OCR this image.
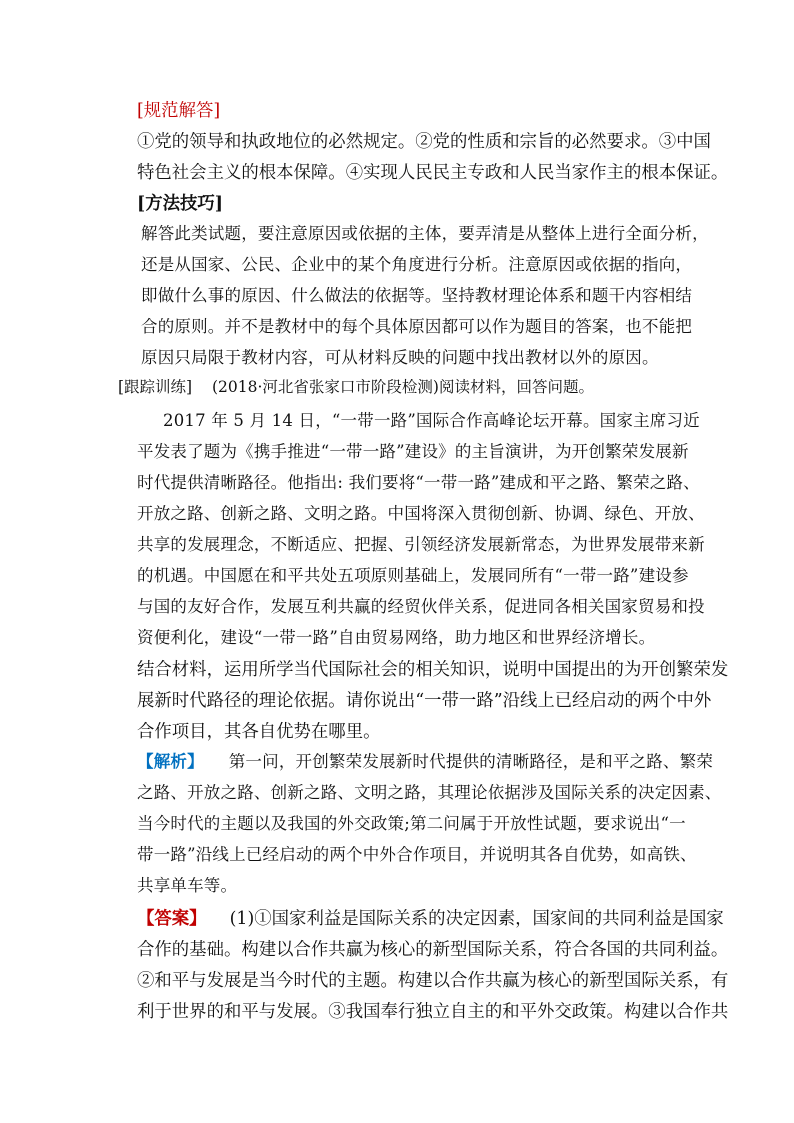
[规范解答]
①党的领导和执政地位的必然规定。②党的性质和宗旨的必然要求。③中国
特色社会主义的根本保障。④实现人民民主专政和人民当家作主的根本保证。
[方法技巧]
解答此类试题，要注意原因或依据的主体，要弄清是从整体上进行全面分析，
还是从国家、公民、企业中的某个角度进行分析。注意原因或依据的指向，
即做什么事的原因、什么做法的依据等。坚持教材理论体系和题干内容相结
合的原则。并不是教材中的每个具体原因都可以作为题目的答案，也不能把
原因只局限于教材内容，可从材料反映的问题中找出教材以外的原因。
[跟踪训练] (2018·河北省张家口市阶段检测)阅读材料，回答问题。
2017 年 5 月 14 日，“一带一路”国际合作高峰论坛开幕。国家主席习近
平发表了题为《携手推进“一带一路”建设》的主旨演讲，为开创繁荣发展新
时代提供清晰路径。他指出: 我们要将“一带一路”建成和平之路、繁荣之路、
开放之路、创新之路、文明之路。中国将深入贯彻创新、协调、绿色、开放、
共享的发展理念，不断适应、把握、引领经济发展新常态，为世界发展带来新
的机遇。中国愿在和平共处五项原则基础上，发展同所有“一带一路”建设参
与国的友好合作，发展互利共赢的经贸伙伴关系，促进同各相关国家贸易和投
资便利化，建设“一带一路”自由贸易网络，助力地区和世界经济增长。
结合材料，运用所学当代国际社会的相关知识，说明中国提出的为开创繁荣发
展新时代路径的理论依据。请你说出“一带一路”沿线上已经启动的两个中外
合作项目，其各自优势在哪里。
【解析】 第一问，开创繁荣发展新时代提供的清晰路径，是和平之路、繁荣
之路、开放之路、创新之路、文明之路，其理论依据涉及国际关系的决定因素、
当今时代的主题以及我国的外交政策;第二问属于开放性试题，要求说出“一
带一路”沿线上已经启动的两个中外合作项目，并说明其各自优势，如高铁、
共享单车等。
【答案】 (1)①国家利益是国际关系的决定因素，国家间的共同利益是国家
合作的基础。构建以合作共赢为核心的新型国际关系，符合各国的共同利益。
②和平与发展是当今时代的主题。构建以合作共赢为核心的新型国际关系，有
利于世界的和平与发展。③我国奉行独立自主的和平外交政策。构建以合作共
